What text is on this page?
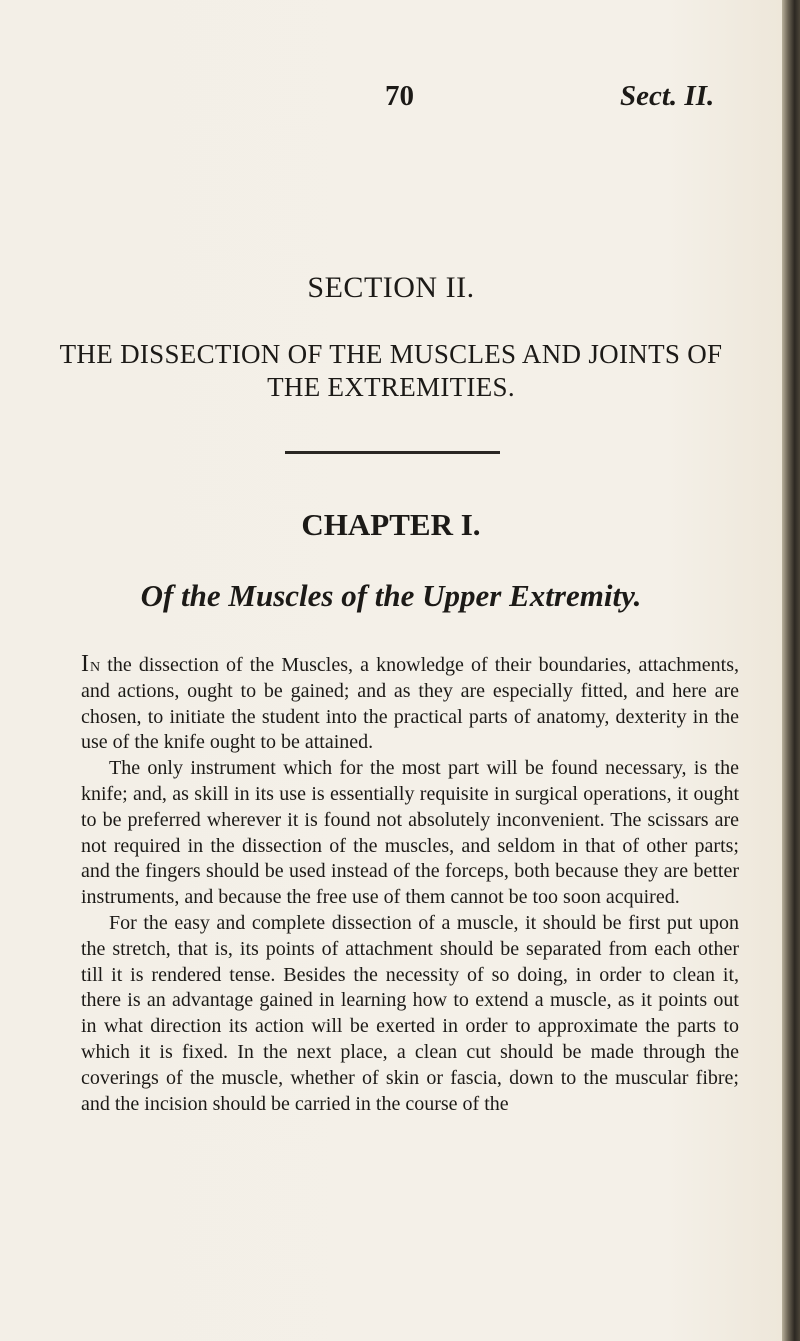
70	Sect. II.
SECTION II.
THE DISSECTION OF THE MUSCLES AND JOINTS OF THE EXTREMITIES.
CHAPTER I.
Of the Muscles of the Upper Extremity.

In the dissection of the Muscles, a knowledge of their boundaries, attachments, and actions, ought to be gained; and as they are especially fitted, and here are chosen, to initiate the student into the practical parts of anatomy, dexterity in the use of the knife ought to be attained.

The only instrument which for the most part will be found necessary, is the knife; and, as skill in its use is essentially requisite in surgical operations, it ought to be preferred wherever it is found not absolutely inconvenient. The scissars are not required in the dissection of the muscles, and seldom in that of other parts; and the fingers should be used instead of the forceps, both because they are better instruments, and because the free use of them cannot be too soon acquired.

For the easy and complete dissection of a muscle, it should be first put upon the stretch, that is, its points of attachment should be separated from each other till it is rendered tense. Besides the necessity of so doing, in order to clean it, there is an advantage gained in learning how to extend a muscle, as it points out in what direction its action will be exerted in order to approximate the parts to which it is fixed. In the next place, a clean cut should be made through the coverings of the muscle, whether of skin or fascia, down to the muscular fibre; and the incision should be carried in the course of the
